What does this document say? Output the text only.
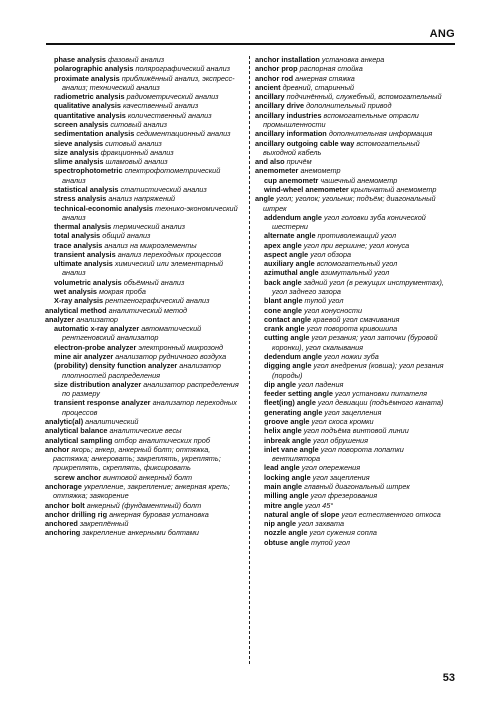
ANG
phase analysis фазовый анализ
polarographic analysis полярографический анализ
proximate analysis приближённый анализ, экспресс-анализ; технический анализ
radiometric analysis радиометрический анализ
qualitative analysis качественный анализ
quantitative analysis количественный анализ
screen analysis ситовый анализ
sedimentation analysis седиментационный анализ
sieve analysis ситовый анализ
size analysis фракционный анализ
slime analysis шламовый анализ
spectrophotometric спектрофотометрический анализ
statistical analysis статистический анализ
stress analysis анализ напряжений
technical-economic analysis технико-экономический анализ
thermal analysis термический анализ
total analysis общий анализ
trace analysis анализ на микроэлементы
transient analysis анализ переходных процессов
ultimate analysis химический или элементарный анализ
volumetric analysis объёмный анализ
wet analysis мокрая проба
X-ray analysis рентгенографический анализ
analytical method аналитический метод
analyzer анализатор
automatic x-ray analyzer автоматический рентгеновский анализатор
electron-probe analyzer электронный микрозонд
mine air analyzer анализатор рудничного воздуха
(probility) density function analyzer анализатор плотностей распределения
size distribution analyzer анализатор распределения по размеру
transient response analyzer анализатор переходных процессов
analytic(al) аналитический
analytical balance аналитические весы
analytical sampling отбор аналитических проб
anchor якорь; анкер, анкерный болт; оттяжка, растяжка; анкеровать; закреплять, укреплять; прикреплять, скреплять, фиксировать
screw anchor винтовой анкерный болт
anchorage укрепление, закрепление; анкерная крепь; оттяжка; заякорение
anchor bolt анкерный (фундаментный) болт
anchor drilling rig анкерная буровая установка
anchored закреплённый
anchoring закрепление анкерными болтами
anchor installation установка анкера
anchor prop распорная стойка
anchor rod анкерная стяжка
ancient древний, старинный
ancillary подчинённый, служебный, вспомогательный
ancillary drive дополнительный привод
ancillary industries вспомогательные отрасли промышленности
ancillary information дополнительная информация
ancillary outgoing cable way вспомогательный выходной кабель
and also причём
anemometer анемометр
cup anemometr чашечный анемометр
wind-wheel anemometer крыльчатый анемометр
angle угол; уголок; угольник; подъём; диагональный штрек
addendum angle угол головки зуба конической шестерни
alternate angle противолежащий угол
apex angle угол при вершине; угол конуса
aspect angle угол обзора
auxiliary angle вспомогательный угол
azimuthal angle азимутальный угол
back angle задний угол (в режущих инструментах), угол заднего зазора
blant angle тупой угол
cone angle угол конусности
contact angle краевой угол смачивания
crank angle угол поворота кривошипа
cutting angle угол резания; угол заточки (буровой коронки), угол скалывания
dedendum angle угол ножки зуба
digging angle угол внедрения (ковша); угол резания (породы)
dip angle угол падения
feeder setting angle угол установки питателя
fleet(ing) angle угол девиации (подъёмного каната)
generating angle угол зацепления
groove angle угол скоса кромки
helix angle угол подъёма винтовой линии
inbreak angle угол обрушения
inlet vane angle угол поворота лопатки вентилятора
lead angle угол опережения
locking angle угол зацепления
main angle главный диагональный штрек
milling angle угол фрезерования
mitre angle угол 45°
natural angle of slope угол естественного откоса
nip angle угол захвата
nozzle angle угол сужения сопла
obtuse angle тупой угол
53
